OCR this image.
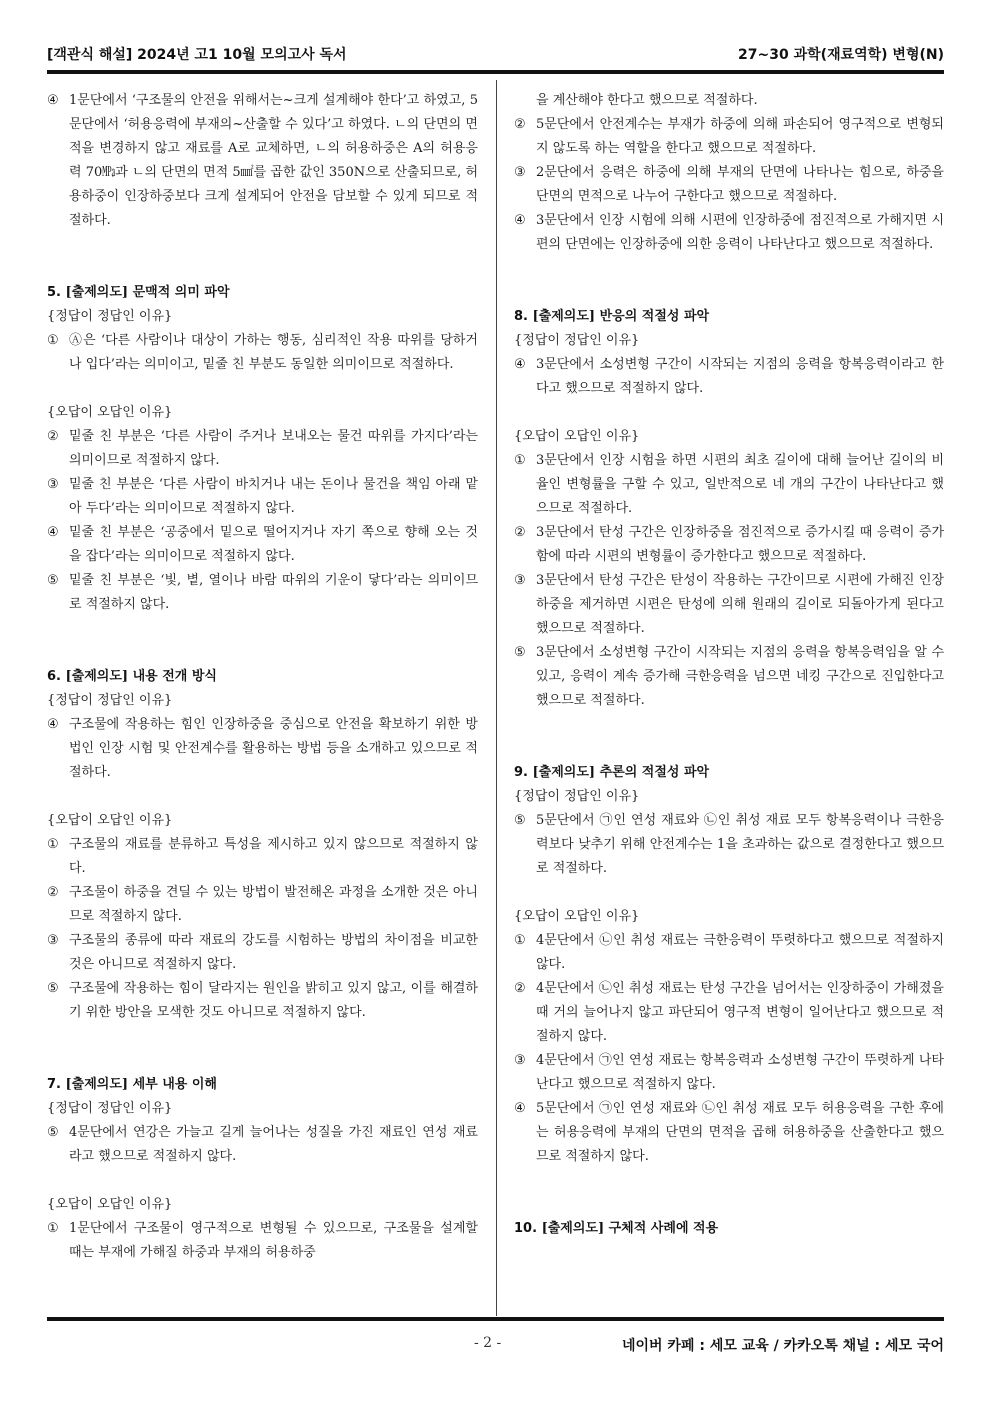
[객관식 해설] 2024년 고1 10월 모의고사 독서	27~30 과학(재료역학) 변형(N)
④ 1문단에서 ‘구조물의 안전을 위해서는~크게 설계해야 한다’고 하였고, 5문단에서 ‘허용응력에 부재의~산출할 수 있다’고 하였다. ㄴ의 단면의 면적을 변경하지 않고 재료를 A로 교체하면, ㄴ의 허용하중은 A의 허용응력 70㎫과 ㄴ의 단면의 면적 5㎟를 곱한 값인 350N으로 산출되므로, 허용하중이 인장하중보다 크게 설계되어 안전을 담보할 수 있게 되므로 적절하다.
5. [출제의도] 문맥적 의미 파악
{정답이 정답인 이유}
① Ⓐ은 ‘다른 사람이나 대상이 가하는 행동, 심리적인 작용 따위를 당하거나 입다’라는 의미이고, 밑줄 친 부분도 동일한 의미이므로 적절하다.
{오답이 오답인 이유}
② 밑줄 친 부분은 ‘다른 사람이 주거나 보내오는 물건 따위를 가지다’라는 의미이므로 적절하지 않다.
③ 밑줄 친 부분은 ‘다른 사람이 바치거나 내는 돈이나 물건을 책임 아래 맡아 두다’라는 의미이므로 적절하지 않다.
④ 밑줄 친 부분은 ‘공중에서 밑으로 떨어지거나 자기 쪽으로 향해 오는 것을 잡다’라는 의미이므로 적절하지 않다.
⑤ 밑줄 친 부분은 ‘빛, 볕, 열이나 바람 따위의 기운이 닿다’라는 의미이므로 적절하지 않다.
6. [출제의도] 내용 전개 방식
{정답이 정답인 이유}
④ 구조물에 작용하는 힘인 인장하중을 중심으로 안전을 확보하기 위한 방법인 인장 시험 및 안전계수를 활용하는 방법 등을 소개하고 있으므로 적절하다.
{오답이 오답인 이유}
① 구조물의 재료를 분류하고 특성을 제시하고 있지 않으므로 적절하지 않다.
② 구조물이 하중을 견딜 수 있는 방법이 발전해온 과정을 소개한 것은 아니므로 적절하지 않다.
③ 구조물의 종류에 따라 재료의 강도를 시험하는 방법의 차이점을 비교한 것은 아니므로 적절하지 않다.
⑤ 구조물에 작용하는 힘이 달라지는 원인을 밝히고 있지 않고, 이를 해결하기 위한 방안을 모색한 것도 아니므로 적절하지 않다.
7. [출제의도] 세부 내용 이해
{정답이 정답인 이유}
⑤ 4문단에서 연강은 가늘고 길게 늘어나는 성질을 가진 재료인 연성 재료라고 했으므로 적절하지 않다.
{오답이 오답인 이유}
① 1문단에서 구조물이 영구적으로 변형될 수 있으므로, 구조물을 설계할 때는 부재에 가해질 하중과 부재의 허용하중
을 계산해야 한다고 했으므로 적절하다.
② 5문단에서 안전계수는 부재가 하중에 의해 파손되어 영구적으로 변형되지 않도록 하는 역할을 한다고 했으므로 적절하다.
③ 2문단에서 응력은 하중에 의해 부재의 단면에 나타나는 힘으로, 하중을 단면의 면적으로 나누어 구한다고 했으므로 적절하다.
④ 3문단에서 인장 시험에 의해 시편에 인장하중에 점진적으로 가해지면 시편의 단면에는 인장하중에 의한 응력이 나타난다고 했으므로 적절하다.
8. [출제의도] 반응의 적절성 파악
{정답이 정답인 이유}
④ 3문단에서 소성변형 구간이 시작되는 지점의 응력을 항복응력이라고 한다고 했으므로 적절하지 않다.
{오답이 오답인 이유}
① 3문단에서 인장 시험을 하면 시편의 최초 길이에 대해 늘어난 길이의 비율인 변형률을 구할 수 있고, 일반적으로 네 개의 구간이 나타난다고 했으므로 적절하다.
② 3문단에서 탄성 구간은 인장하중을 점진적으로 증가시킬 때 응력이 증가함에 따라 시편의 변형률이 증가한다고 했으므로 적절하다.
③ 3문단에서 탄성 구간은 탄성이 작용하는 구간이므로 시편에 가해진 인장하중을 제거하면 시편은 탄성에 의해 원래의 길이로 되돌아가게 된다고 했으므로 적절하다.
⑤ 3문단에서 소성변형 구간이 시작되는 지점의 응력을 항복응력임을 알 수 있고, 응력이 계속 증가해 극한응력을 넘으면 네킹 구간으로 진입한다고 했으므로 적절하다.
9. [출제의도] 추론의 적절성 파악
{정답이 정답인 이유}
⑤ 5문단에서 ㉠인 연성 재료와 ㉡인 취성 재료 모두 항복응력이나 극한응력보다 낮추기 위해 안전계수는 1을 초과하는 값으로 결정한다고 했으므로 적절하다.
{오답이 오답인 이유}
① 4문단에서 ㉡인 취성 재료는 극한응력이 뚜렷하다고 했으므로 적절하지 않다.
② 4문단에서 ㉡인 취성 재료는 탄성 구간을 넘어서는 인장하중이 가해졌을 때 거의 늘어나지 않고 파단되어 영구적 변형이 일어난다고 했으므로 적절하지 않다.
③ 4문단에서 ㉠인 연성 재료는 항복응력과 소성변형 구간이 뚜렷하게 나타난다고 했으므로 적절하지 않다.
④ 5문단에서 ㉠인 연성 재료와 ㉡인 취성 재료 모두 허용응력을 구한 후에는 허용응력에 부재의 단면의 면적을 곱해 허용하중을 산출한다고 했으므로 적절하지 않다.
10. [출제의도] 구체적 사례에 적용
- 2 -	네이버 카페 : 세모 교육 / 카카오톡 채널 : 세모 국어
